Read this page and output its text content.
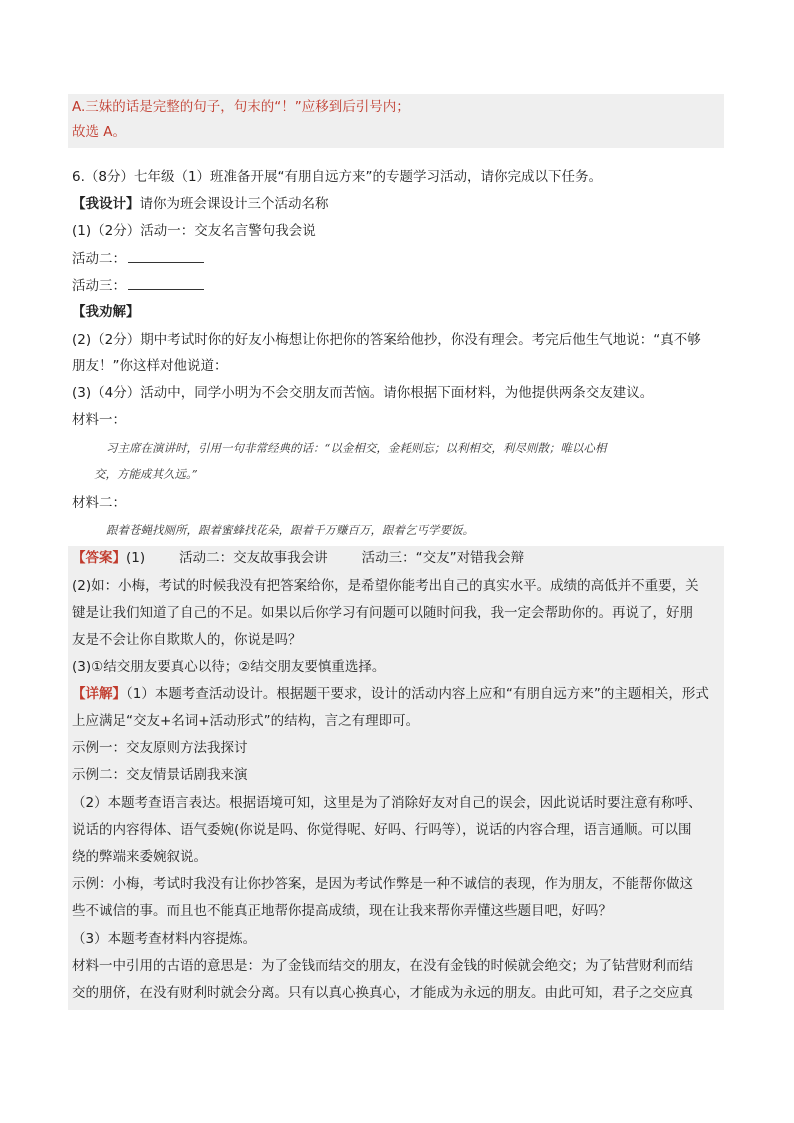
A.三妹的话是完整的句子，句末的“！”应移到后引号内；
故选 A。
6.（8分）七年级（1）班准备开展“有朋自远方来”的专题学习活动，请你完成以下任务。
【我设计】请你为班会课设计三个活动名称
(1)（2分）活动一：交友名言警句我会说
活动二：
活动三：
【我劝解】
(2)（2分）期中考试时你的好友小梅想让你把你的答案给他抄，你没有理会。考完后他生气地说：“真不够
朋友！”你这样对他说道：
(3)（4分）活动中，同学小明为不会交朋友而苦恼。请你根据下面材料，为他提供两条交友建议。
材料一：
习主席在演讲时，引用一句非常经典的话：“以金相交，金耗则忘；以利相交，利尽则散；唯以心相
交，方能成其久远。”
材料二：
跟着苍蝇找厕所，跟着蜜蜂找花朵，跟着千万赚百万，跟着乞丐学要饭。
【答案】(1)	活动二：交友故事我会讲	活动三：“交友”对错我会辩
(2)如：小梅，考试的时候我没有把答案给你，是希望你能考出自己的真实水平。成绩的高低并不重要，关
键是让我们知道了自己的不足。如果以后你学习有问题可以随时问我，我一定会帮助你的。再说了，好朋
友是不会让你自欺欺人的，你说是吗？
(3)①结交朋友要真心以待；②结交朋友要慎重选择。
【详解】（1）本题考查活动设计。根据题干要求，设计的活动内容上应和“有朋自远方来”的主题相关，形式
上应满足“交友+名词+活动形式”的结构，言之有理即可。
示例一：交友原则方法我探讨
示例二：交友情景话剧我来演
（2）本题考查语言表达。根据语境可知，这里是为了消除好友对自己的误会，因此说话时要注意有称呼、
说话的内容得体、语气委婉(你说是吗、你觉得呢、好吗、行吗等），说话的内容合理，语言通顺。可以围
绕的弊端来委婉叙说。
示例：小梅，考试时我没有让你抄答案，是因为考试作弊是一种不诚信的表现，作为朋友，不能帮你做这
些不诚信的事。而且也不能真正地帮你提高成绩，现在让我来帮你弄懂这些题目吧，好吗？
（3）本题考查材料内容提炼。
材料一中引用的古语的意思是：为了金钱而结交的朋友，在没有金钱的时候就会绝交；为了钻营财利而结
交的朋侪，在没有财利时就会分离。只有以真心换真心，才能成为永远的朋友。由此可知，君子之交应真
